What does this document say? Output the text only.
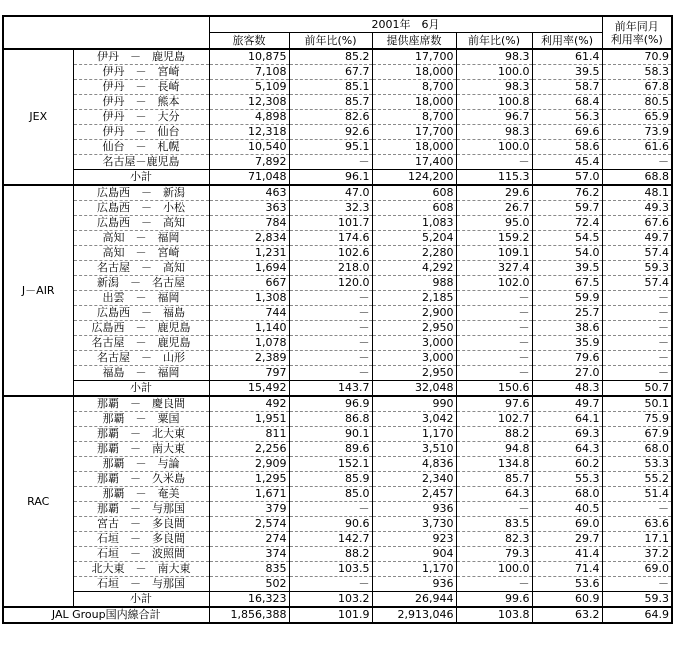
		2001年　6月					前年同月
利用率(%)

		旅客数	前年比(%)	提供座席数	前年比(%)	利用率(%)	
JEX	伊丹　－　鹿児島	10,875	85.2	17,700	98.3	61.4	70.9
	伊丹　－　宮崎	7,108	67.7	18,000	100.0	39.5	58.3
	伊丹　－　長崎	5,109	85.1	8,700	98.3	58.7	67.8
	伊丹　－　熊本	12,308	85.7	18,000	100.8	68.4	80.5
	伊丹　－　大分	4,898	82.6	8,700	96.7	56.3	65.9
	伊丹　－　仙台	12,318	92.6	17,700	98.3	69.6	73.9
	仙台　－　札幌	10,540	95.1	18,000	100.0	58.6	61.6
	名古屋－鹿児島	7,892	－	17,400	－	45.4	－
	小計	71,048	96.1	124,200	115.3	57.0	68.8
J－AIR	広島西　－　新潟	463	47.0	608	29.6	76.2	48.1
	広島西　－　小松	363	32.3	608	26.7	59.7	49.3
	広島西　－　高知	784	101.7	1,083	95.0	72.4	67.6
	高知　－　福岡	2,834	174.6	5,204	159.2	54.5	49.7
	高知　－　宮崎	1,231	102.6	2,280	109.1	54.0	57.4
	名古屋　－　高知	1,694	218.0	4,292	327.4	39.5	59.3
	新潟　－　名古屋	667	120.0	988	102.0	67.5	57.4
	出雲　－　福岡	1,308	－	2,185	－	59.9	－
	広島西　－　福島	744	－	2,900	－	25.7	－
	広島西　－　鹿児島	1,140	－	2,950	－	38.6	－
	名古屋　－　鹿児島	1,078	－	3,000	－	35.9	－
	名古屋　－　山形	2,389	－	3,000	－	79.6	－
	福島　－　福岡	797	－	2,950	－	27.0	－
	小計	15,492	143.7	32,048	150.6	48.3	50.7
RAC	那覇　－　慶良間	492	96.9	990	97.6	49.7	50.1
	那覇　－　粟国	1,951	86.8	3,042	102.7	64.1	75.9
	那覇　－　北大東	811	90.1	1,170	88.2	69.3	67.9
	那覇　－　南大東	2,256	89.6	3,510	94.8	64.3	68.0
	那覇　－　与論	2,909	152.1	4,836	134.8	60.2	53.3
	那覇　－　久米島	1,295	85.9	2,340	85.7	55.3	55.2
	那覇　－　奄美	1,671	85.0	2,457	64.3	68.0	51.4
	那覇　－　与那国	379	－	936	－	40.5	－
	宮古　－　多良間	2,574	90.6	3,730	83.5	69.0	63.6
	石垣　－　多良間	274	142.7	923	82.3	29.7	17.1
	石垣　－　波照間	374	88.2	904	79.3	41.4	37.2
	北大東　－　南大東	835	103.5	1,170	100.0	71.4	69.0
	石垣　－　与那国	502	－	936	－	53.6	－
	小計	16,323	103.2	26,944	99.6	60.9	59.3
JAL Group国内線合計		1,856,388	101.9	2,913,046	103.8	63.2	64.9
